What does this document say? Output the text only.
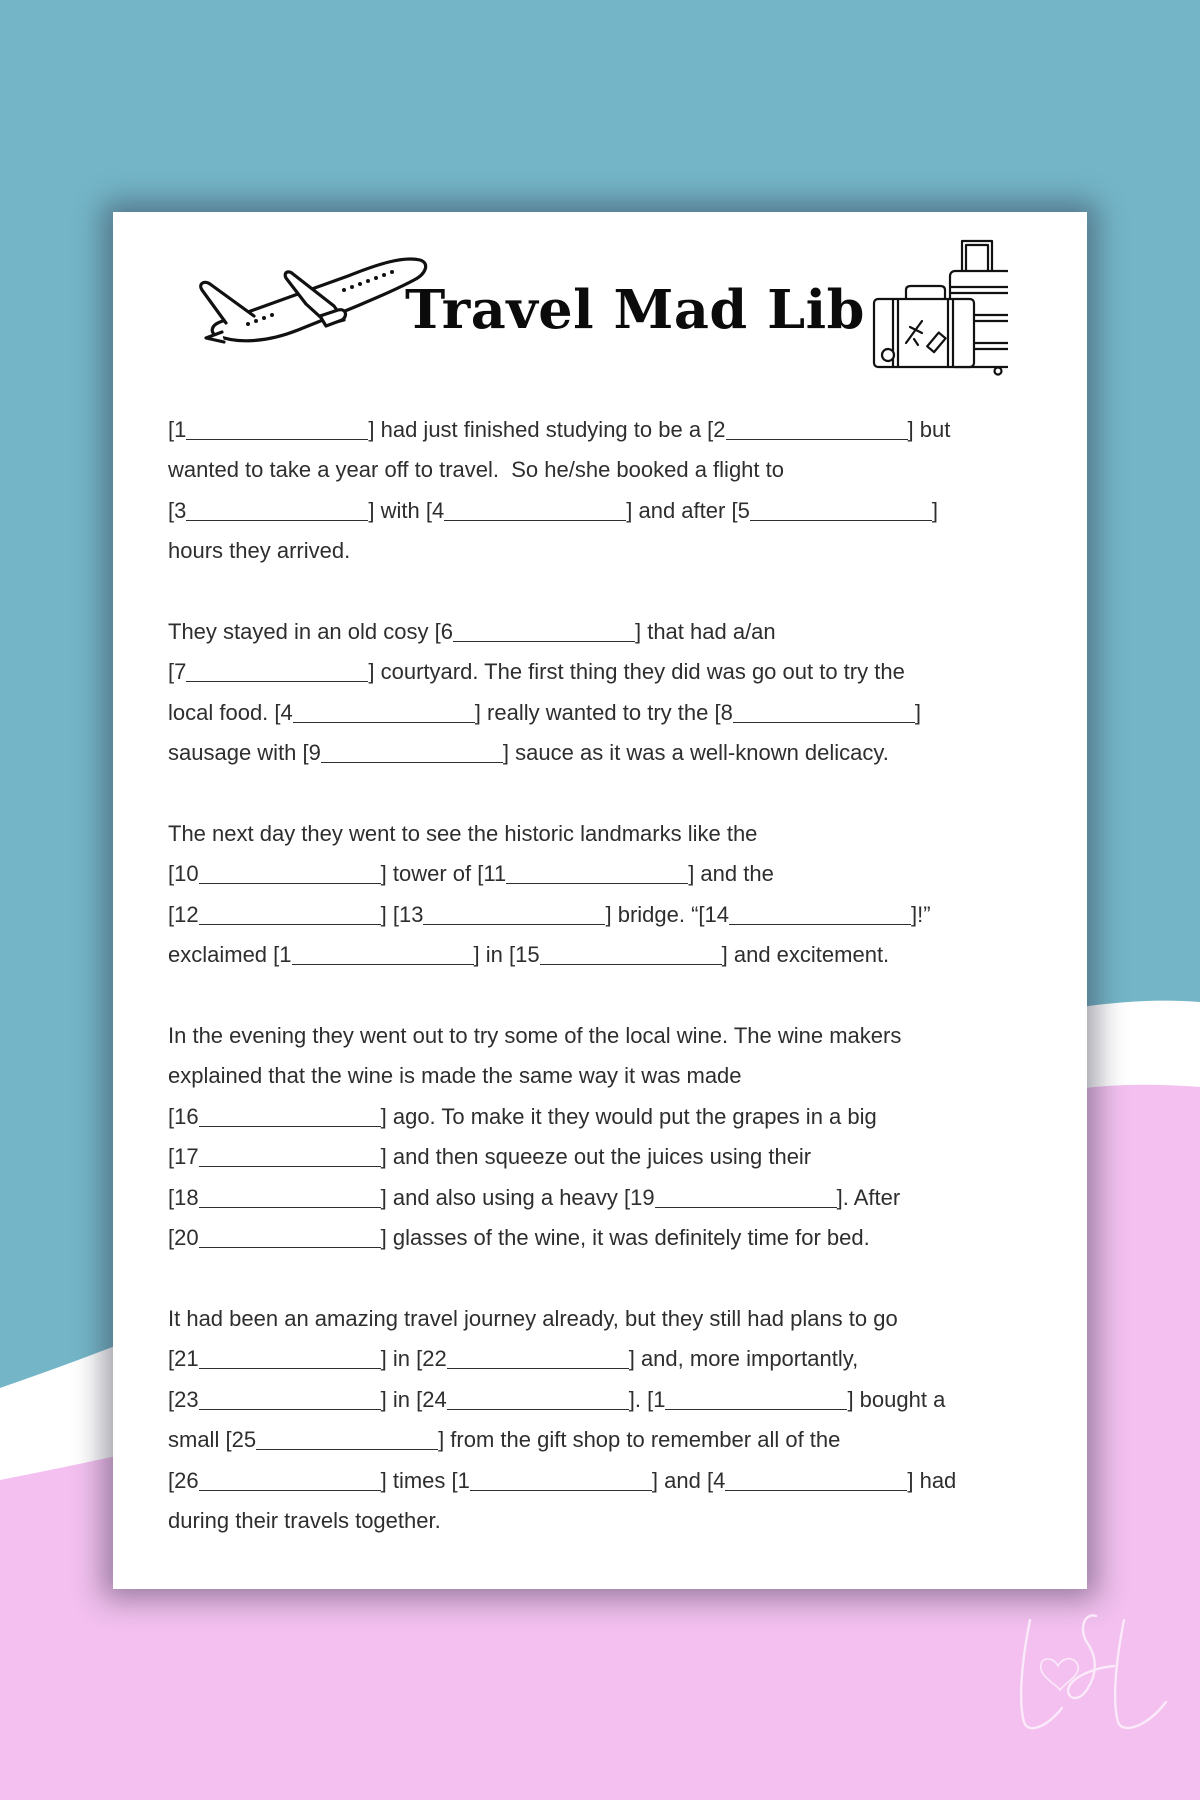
Travel Mad Lib

[1	] had just finished studying to be a [2	] but
wanted to take a year off to travel.  So he/she booked a flight to
[3	] with [4	] and after [5	]
hours they arrived.

They stayed in an old cosy [6	] that had a/an
[7	] courtyard. The first thing they did was go out to try the
local food. [4	] really wanted to try the [8	]
sausage with [9	] sauce as it was a well-known delicacy.

The next day they went to see the historic landmarks like the
[10	] tower of [11	] and the
[12	] [13	] bridge. “[14	]!”
exclaimed [1	] in [15	] and excitement.

In the evening they went out to try some of the local wine. The wine makers
explained that the wine is made the same way it was made
[16	] ago. To make it they would put the grapes in a big
[17	] and then squeeze out the juices using their
[18	] and also using a heavy [19	]. After
[20	] glasses of the wine, it was definitely time for bed.

It had been an amazing travel journey already, but they still had plans to go
[21	] in [22	] and, more importantly,
[23	] in [24	]. [1	] bought a
small [25	] from the gift shop to remember all of the
[26	] times [1	] and [4	] had
during their travels together.
